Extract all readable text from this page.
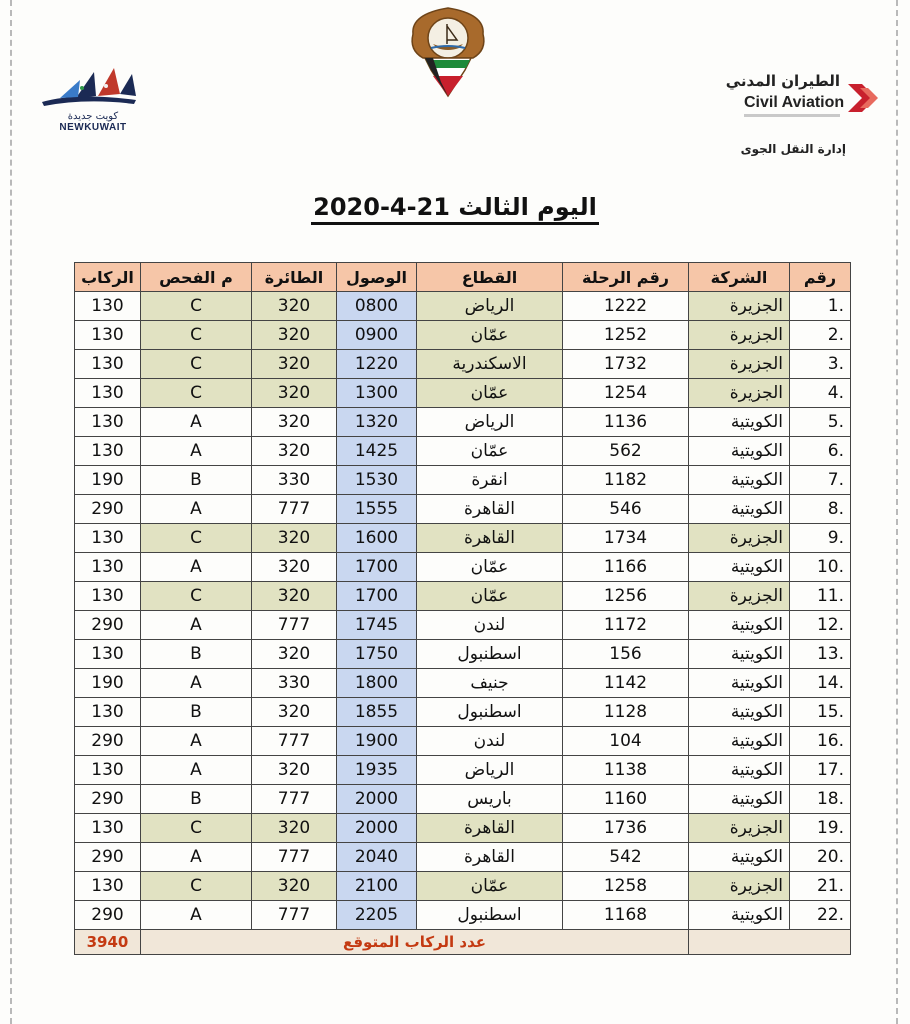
كويت جديدة
NEWKUWAIT
الطيران المدني
Civil Aviation
إدارة النقل الجوى
اليوم الثالث 21-4-2020
رقم	الشركة	رقم الرحلة	القطاع	الوصول	الطائرة	م الفحص	الركاب
.1	الجزيرة	1222	الرياض	0800	320	C	130
.2	الجزيرة	1252	عمّان	0900	320	C	130
.3	الجزيرة	1732	الاسكندرية	1220	320	C	130
.4	الجزيرة	1254	عمّان	1300	320	C	130
.5	الكويتية	1136	الرياض	1320	320	A	130
.6	الكويتية	562	عمّان	1425	320	A	130
.7	الكويتية	1182	انقرة	1530	330	B	190
.8	الكويتية	546	القاهرة	1555	777	A	290
.9	الجزيرة	1734	القاهرة	1600	320	C	130
.10	الكويتية	1166	عمّان	1700	320	A	130
.11	الجزيرة	1256	عمّان	1700	320	C	130
.12	الكويتية	1172	لندن	1745	777	A	290
.13	الكويتية	156	اسطنبول	1750	320	B	130
.14	الكويتية	1142	جنيف	1800	330	A	190
.15	الكويتية	1128	اسطنبول	1855	320	B	130
.16	الكويتية	104	لندن	1900	777	A	290
.17	الكويتية	1138	الرياض	1935	320	A	130
.18	الكويتية	1160	باريس	2000	777	B	290
.19	الجزيرة	1736	القاهرة	2000	320	C	130
.20	الكويتية	542	القاهرة	2040	777	A	290
.21	الجزيرة	1258	عمّان	2100	320	C	130
.22	الكويتية	1168	اسطنبول	2205	777	A	290
		عدد الركاب المتوقع					3940
